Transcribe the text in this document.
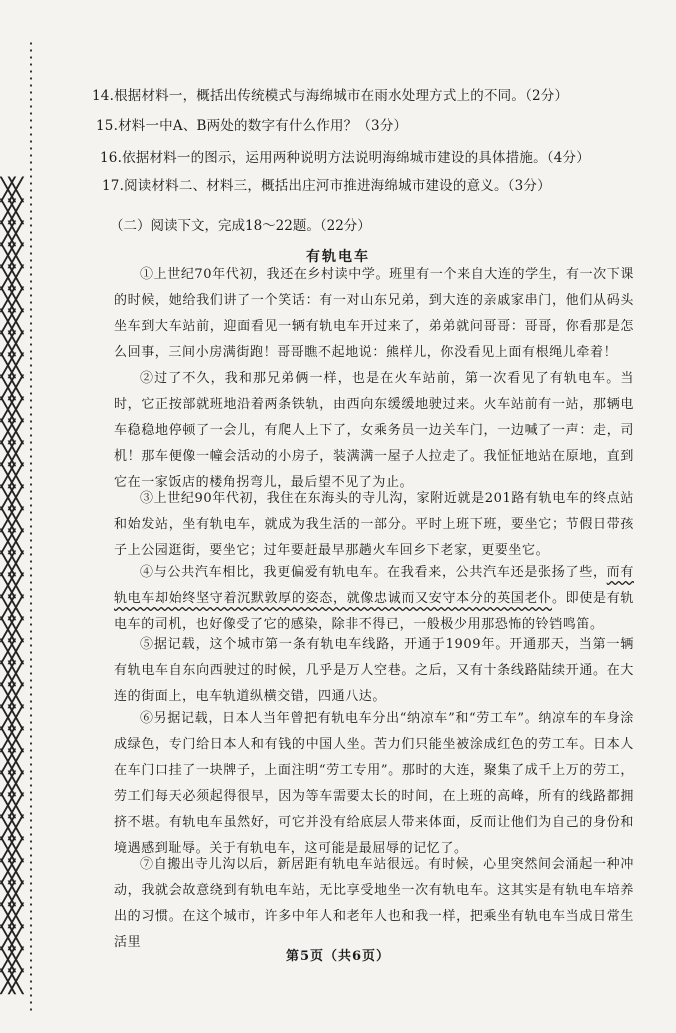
╳╳
╳╳
╳╳
╳╳
╳╳
╳╳
╳╳
╳╳
╳╳
╳╳
╳╳
╳╳
╳╳
╳╳
╳╳
╳╳
╳╳
╳╳
╳╳
╳╳
╳╳
╳╳
╳╳
╳╳
╳╳
╳╳
╳╳
╳╳
╳╳
╳╳
╳╳
╳╳
╳╳
╳╳
╳╳
╳╳
╳╳
14.根据材料一，概括出传统模式与海绵城市在雨水处理方式上的不同。（2分）
15.材料一中A、B两处的数字有什么作用？（3分）
16.依据材料一的图示，运用两种说明方法说明海绵城市建设的具体措施。（4分）
17.阅读材料二、材料三，概括出庄河市推进海绵城市建设的意义。（3分）
（二）阅读下文，完成18～22题。（22分）
有轨电车
①上世纪70年代初，我还在乡村读中学。班里有一个来自大连的学生，有一次下课的时候，她给我们讲了一个笑话：有一对山东兄弟，到大连的亲戚家串门，他们从码头坐车到大车站前，迎面看见一辆有轨电车开过来了，弟弟就问哥哥：哥哥，你看那是怎么回事，三间小房满街跑！哥哥瞧不起地说：熊样儿，你没看见上面有根绳儿牵着！
②过了不久，我和那兄弟俩一样，也是在火车站前，第一次看见了有轨电车。当时，它正按部就班地沿着两条铁轨，由西向东缓缓地驶过来。火车站前有一站，那辆电车稳稳地停顿了一会儿，有爬人上下了，女乘务员一边关车门，一边喊了一声：走，司机！那车便像一幢会活动的小房子，装满满一屋子人拉走了。我怔怔地站在原地，直到它在一家饭店的楼角拐弯儿，最后望不见了为止。
③上世纪90年代初，我住在东海头的寺儿沟，家附近就是201路有轨电车的终点站和始发站，坐有轨电车，就成为我生活的一部分。平时上班下班，要坐它；节假日带孩子上公园逛街，要坐它；过年要赶最早那趟火车回乡下老家，更要坐它。
④与公共汽车相比，我更偏爱有轨电车。在我看来，公共汽车还是张扬了些，而有轨电车却始终坚守着沉默敦厚的姿态，就像忠诚而又安守本分的英国老仆。即使是有轨电车的司机，也好像受了它的感染，除非不得已，一般极少用那恐怖的铃铛鸣笛。
⑤据记载，这个城市第一条有轨电车线路，开通于1909年。开通那天，当第一辆有轨电车自东向西驶过的时候，几乎是万人空巷。之后，又有十条线路陆续开通。在大连的街面上，电车轨道纵横交错，四通八达。
⑥另据记载，日本人当年曾把有轨电车分出“纳凉车”和“劳工车”。纳凉车的车身涂成绿色，专门给日本人和有钱的中国人坐。苦力们只能坐被涂成红色的劳工车。日本人在车门口挂了一块牌子，上面注明“劳工专用”。那时的大连，聚集了成千上万的劳工，劳工们每天必须起得很早，因为等车需要太长的时间，在上班的高峰，所有的线路都拥挤不堪。有轨电车虽然好，可它并没有给底层人带来体面，反而让他们为自己的身份和境遇感到耻辱。关于有轨电车，这可能是最屈辱的记忆了。
⑦自搬出寺儿沟以后，新居距有轨电车站很远。有时候，心里突然间会涌起一种冲动，我就会故意绕到有轨电车站，无比享受地坐一次有轨电车。这其实是有轨电车培养出的习惯。在这个城市，许多中年人和老年人也和我一样，把乘坐有轨电车当成日常生活里
第5页（共6页）
